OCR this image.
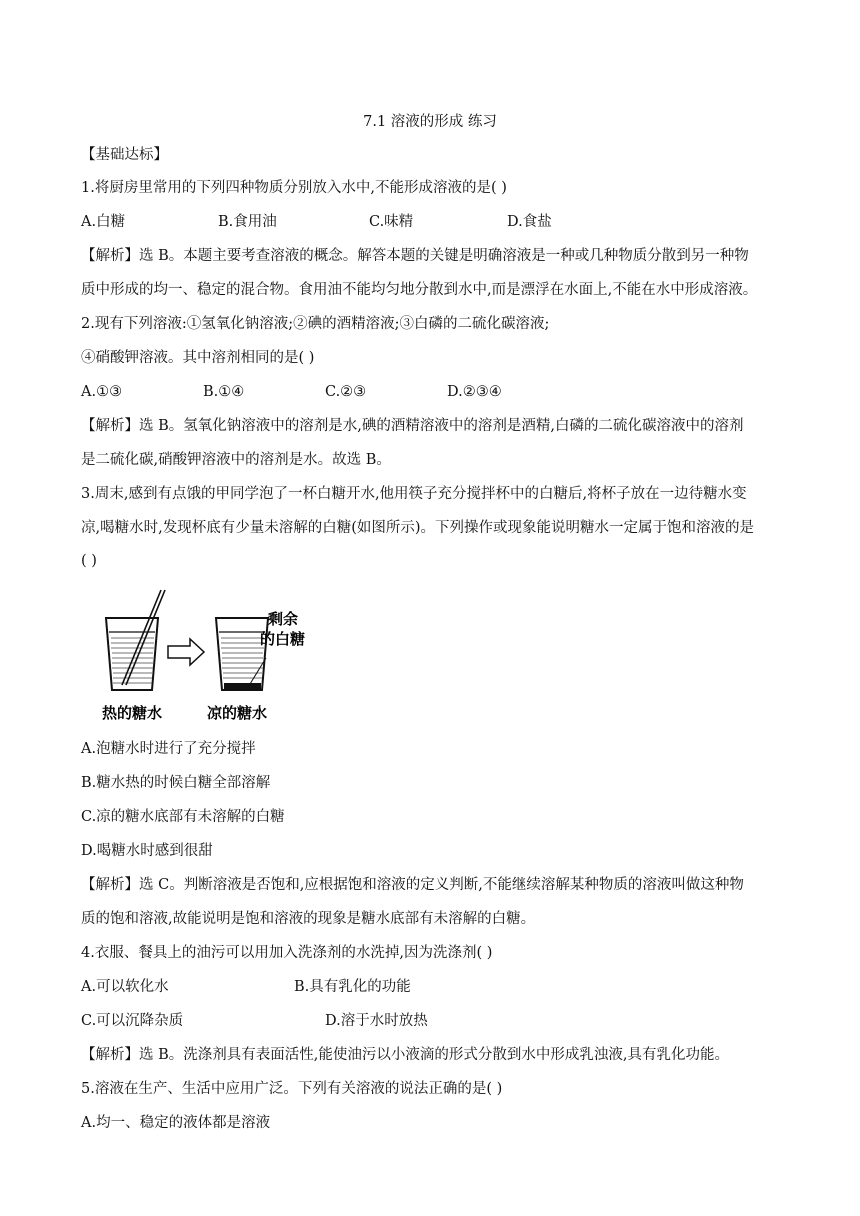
7.1 溶液的形成 练习
【基础达标】
1.将厨房里常用的下列四种物质分别放入水中,不能形成溶液的是( )
A.白糖	B.食用油	C.味精	D.食盐
【解析】选 B。本题主要考查溶液的概念。解答本题的关键是明确溶液是一种或几种物质分散到另一种物
质中形成的均一、稳定的混合物。食用油不能均匀地分散到水中,而是漂浮在水面上,不能在水中形成溶液。
2.现有下列溶液:①氢氧化钠溶液;②碘的酒精溶液;③白磷的二硫化碳溶液;
④硝酸钾溶液。其中溶剂相同的是( )
A.①③	B.①④	C.②③	D.②③④
【解析】选 B。氢氧化钠溶液中的溶剂是水,碘的酒精溶液中的溶剂是酒精,白磷的二硫化碳溶液中的溶剂
是二硫化碳,硝酸钾溶液中的溶剂是水。故选 B。
3.周末,感到有点饿的甲同学泡了一杯白糖开水,他用筷子充分搅拌杯中的白糖后,将杯子放在一边待糖水变
凉,喝糖水时,发现杯底有少量未溶解的白糖(如图所示)。下列操作或现象能说明糖水一定属于饱和溶液的是
( )
剩余
的白糖
热的糖水	凉的糖水
A.泡糖水时进行了充分搅拌
B.糖水热的时候白糖全部溶解
C.凉的糖水底部有未溶解的白糖
D.喝糖水时感到很甜
【解析】选 C。判断溶液是否饱和,应根据饱和溶液的定义判断,不能继续溶解某种物质的溶液叫做这种物
质的饱和溶液,故能说明是饱和溶液的现象是糖水底部有未溶解的白糖。
4.衣服、餐具上的油污可以用加入洗涤剂的水洗掉,因为洗涤剂( )
A.可以软化水	B.具有乳化的功能
C.可以沉降杂质	D.溶于水时放热
【解析】选 B。洗涤剂具有表面活性,能使油污以小液滴的形式分散到水中形成乳浊液,具有乳化功能。
5.溶液在生产、生活中应用广泛。下列有关溶液的说法正确的是( )
A.均一、稳定的液体都是溶液
